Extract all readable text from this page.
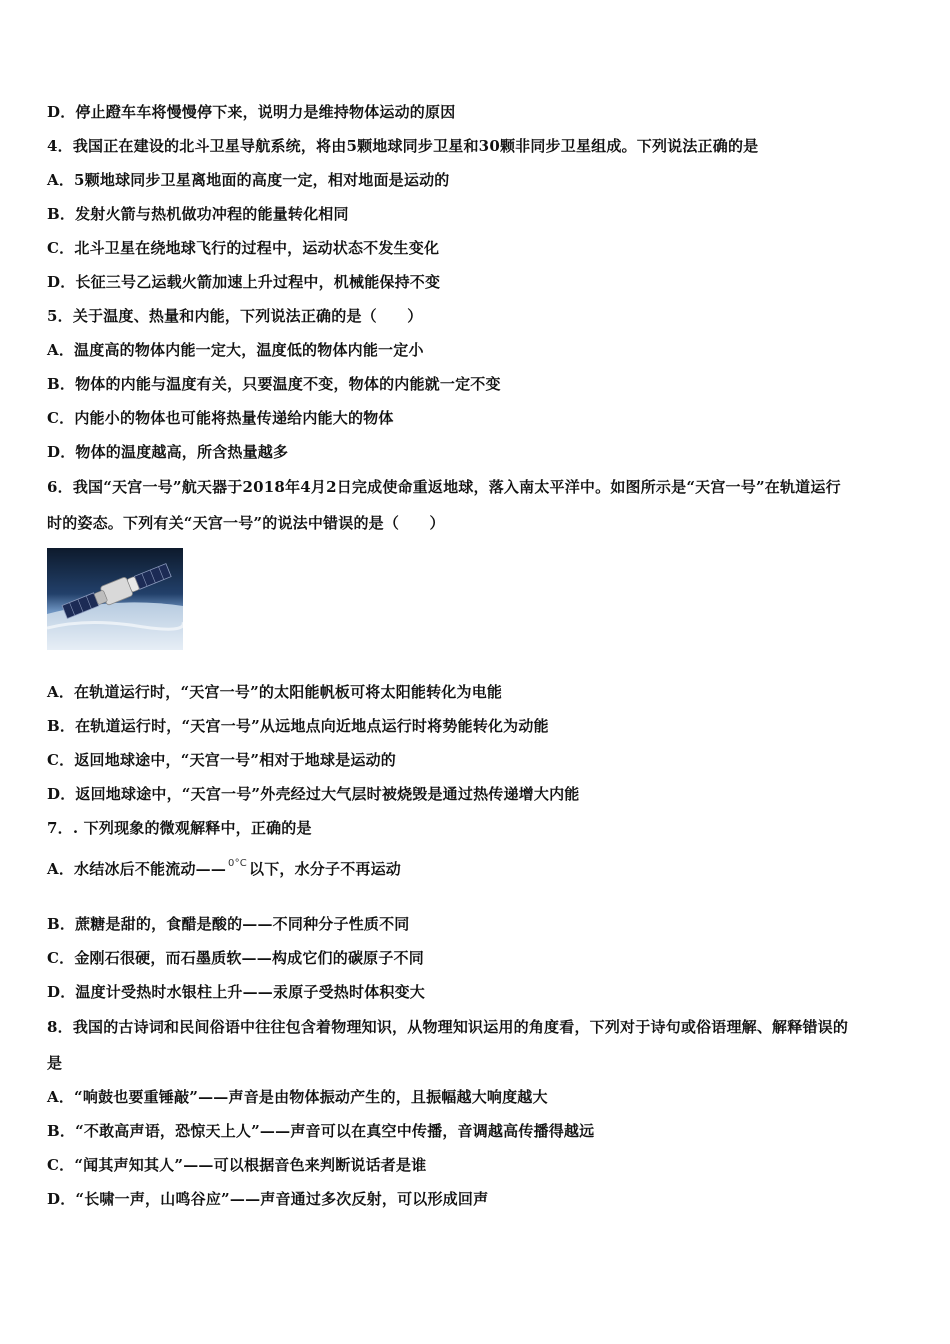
D．停止蹬车车将慢慢停下来，说明力是维持物体运动的原因
4．我国正在建设的北斗卫星导航系统，将由5颗地球同步卫星和30颗非同步卫星组成。下列说法正确的是
A．5颗地球同步卫星离地面的高度一定，相对地面是运动的
B．发射火箭与热机做功冲程的能量转化相同
C．北斗卫星在绕地球飞行的过程中，运动状态不发生变化
D．长征三号乙运载火箭加速上升过程中，机械能保持不变
5．关于温度、热量和内能，下列说法正确的是（　　）
A．温度高的物体内能一定大，温度低的物体内能一定小
B．物体的内能与温度有关，只要温度不变，物体的内能就一定不变
C．内能小的物体也可能将热量传递给内能大的物体
D．物体的温度越高，所含热量越多
6．我国“天宫一号”航天器于2018年4月2日完成使命重返地球，落入南太平洋中。如图所示是“天宫一号”在轨道运行
时的姿态。下列有关“天宫一号”的说法中错误的是（　　）
A．在轨道运行时，“天宫一号”的太阳能帆板可将太阳能转化为电能
B．在轨道运行时，“天宫一号”从远地点向近地点运行时将势能转化为动能
C．返回地球途中，“天宫一号”相对于地球是运动的
D．返回地球途中，“天宫一号”外壳经过大气层时被烧毁是通过热传递增大内能
7．. 下列现象的微观解释中，正确的是
A．水结冰后不能流动—— $^{0^\circ C}$ 以下，水分子不再运动
B．蔗糖是甜的，食醋是酸的——不同种分子性质不同
C．金刚石很硬，而石墨质软——构成它们的碳原子不同
D．温度计受热时水银柱上升——汞原子受热时体积变大
8．我国的古诗词和民间俗语中往往包含着物理知识，从物理知识运用的角度看，下列对于诗句或俗语理解、解释错误的
是
A．“响鼓也要重锤敲”——声音是由物体振动产生的，且振幅越大响度越大
B．“不敢高声语，恐惊天上人”——声音可以在真空中传播，音调越高传播得越远
C．“闻其声知其人”——可以根据音色来判断说话者是谁
D．“长啸一声，山鸣谷应”——声音通过多次反射，可以形成回声
